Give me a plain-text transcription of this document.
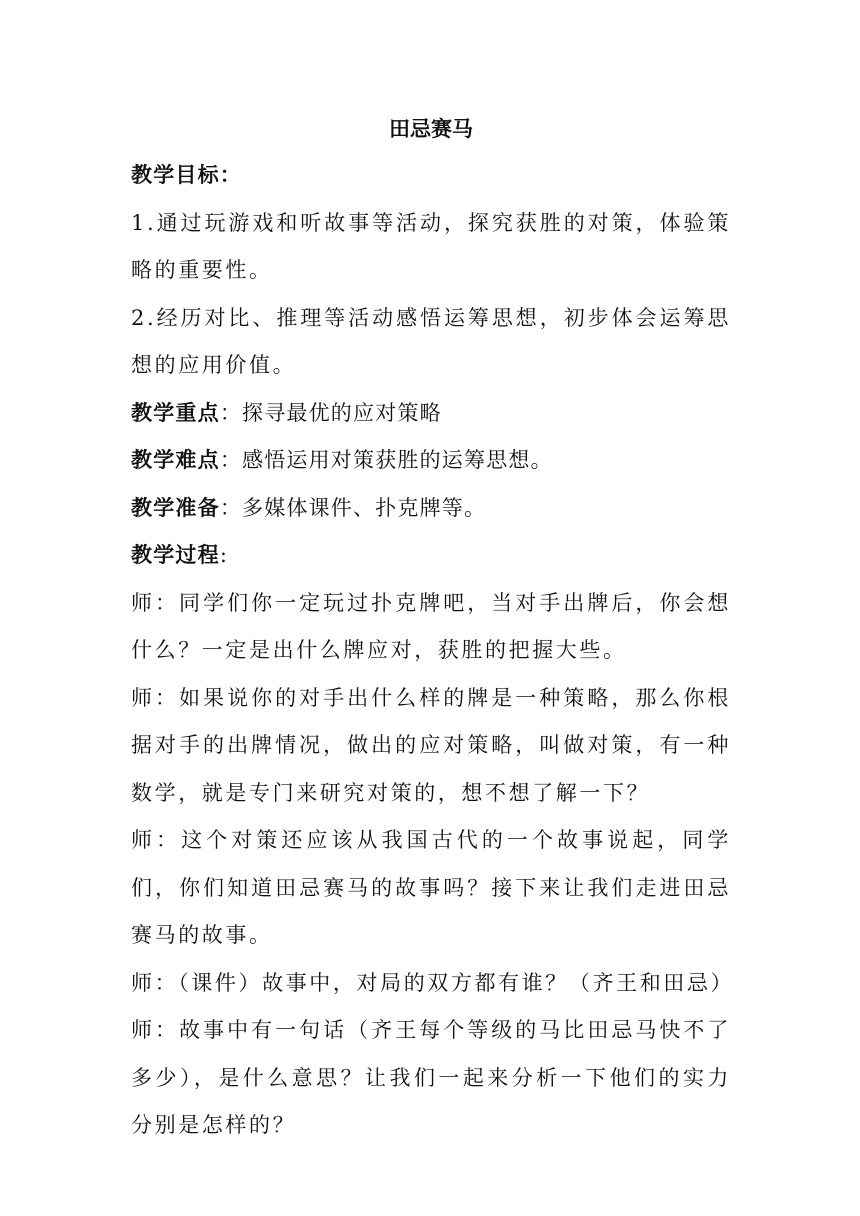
田忌赛马

教学目标：

1.通过玩游戏和听故事等活动，探究获胜的对策，体验策略的重要性。

2.经历对比、推理等活动感悟运筹思想，初步体会运筹思想的应用价值。

教学重点：探寻最优的应对策略

教学难点：感悟运用对策获胜的运筹思想。

教学准备：多媒体课件、扑克牌等。

教学过程:

师：同学们你一定玩过扑克牌吧，当对手出牌后，你会想什么？一定是出什么牌应对，获胜的把握大些。

师：如果说你的对手出什么样的牌是一种策略，那么你根据对手的出牌情况，做出的应对策略，叫做对策，有一种数学，就是专门来研究对策的，想不想了解一下？

师：这个对策还应该从我国古代的一个故事说起，同学们，你们知道田忌赛马的故事吗？接下来让我们走进田忌赛马的故事。

师：（课件）故事中，对局的双方都有谁？（齐王和田忌）

师：故事中有一句话（齐王每个等级的马比田忌马快不了多少），是什么意思？让我们一起来分析一下他们的实力分别是怎样的？
